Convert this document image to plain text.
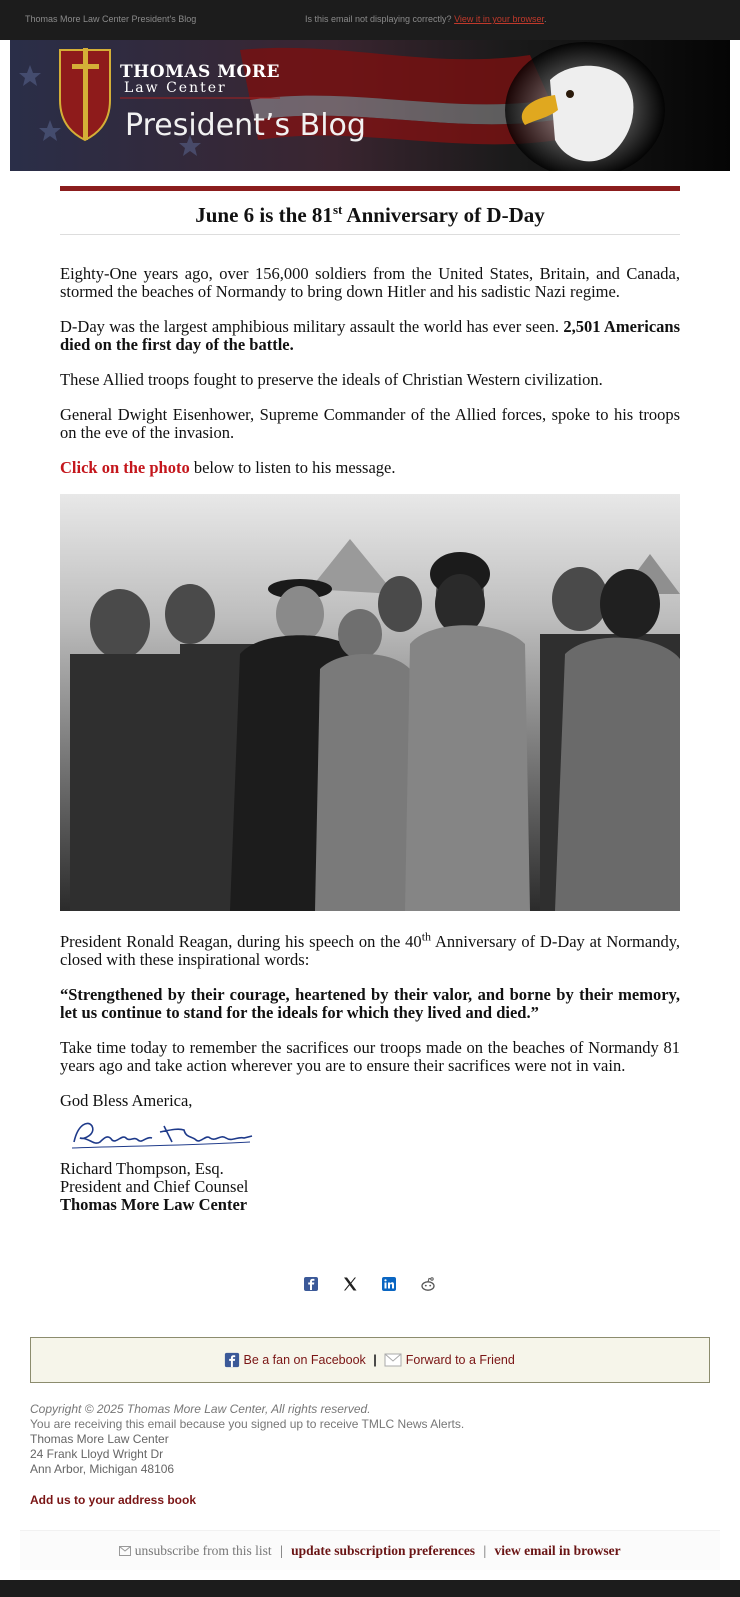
Thomas More Law Center President's Blog	Is this email not displaying correctly? View it in your browser.
THOMAS MORE
Law Center
President’s Blog
June 6 is the 81st Anniversary of D-Day

Eighty-One years ago, over 156,000 soldiers from the United States, Britain, and Canada, stormed the beaches of Normandy to bring down Hitler and his sadistic Nazi regime.

D-Day was the largest amphibious military assault the world has ever seen. 2,501 Americans died on the first day of the battle.

These Allied troops fought to preserve the ideals of Christian Western civilization.

General Dwight Eisenhower, Supreme Commander of the Allied forces, spoke to his troops on the eve of the invasion.

Click on the photo below to listen to his message.

President Ronald Reagan, during his speech on the 40th Anniversary of D-Day at Normandy, closed with these inspirational words:

“Strengthened by their courage, heartened by their valor, and borne by their memory, let us continue to stand for the ideals for which they lived and died.”

Take time today to remember the sacrifices our troops made on the beaches of Normandy 81 years ago and take action wherever you are to ensure their sacrifices were not in vain.

God Bless America,

Richard Thompson, Esq.
President and Chief Counsel
Thomas More Law Center
Be a fan on Facebook | Forward to a Friend
Copyright © 2025 Thomas More Law Center, All rights reserved.
You are receiving this email because you signed up to receive TMLC News Alerts.
Thomas More Law Center
24 Frank Lloyd Wright Dr
Ann Arbor, Michigan 48106
Add us to your address book
unsubscribe from this list | update subscription preferences | view email in browser
